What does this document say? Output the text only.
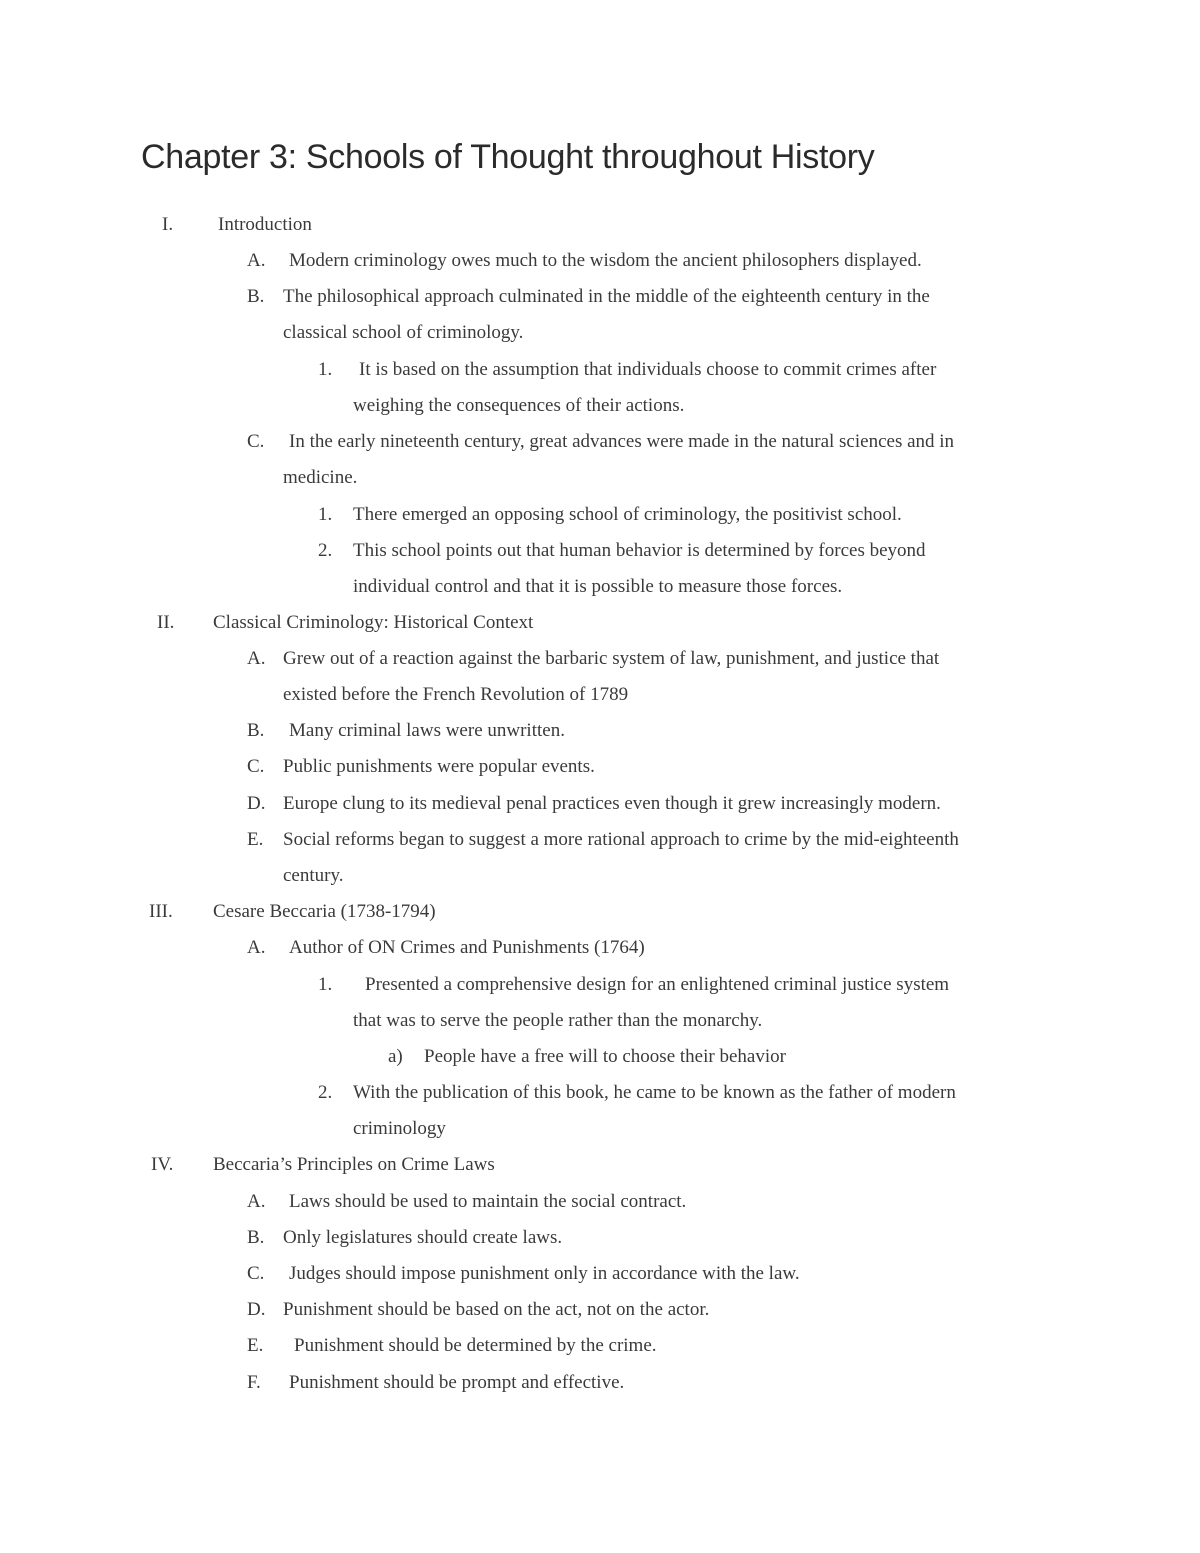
Chapter 3: Schools of Thought throughout History
I. Introduction
A. Modern criminology owes much to the wisdom the ancient philosophers displayed.
B. The philosophical approach culminated in the middle of the eighteenth century in the
classical school of criminology.
1. It is based on the assumption that individuals choose to commit crimes after
weighing the consequences of their actions.
C. In the early nineteenth century, great advances were made in the natural sciences and in
medicine.
1. There emerged an opposing school of criminology, the positivist school.
2. This school points out that human behavior is determined by forces beyond
individual control and that it is possible to measure those forces.
II. Classical Criminology: Historical Context
A. Grew out of a reaction against the barbaric system of law, punishment, and justice that
existed before the French Revolution of 1789
B. Many criminal laws were unwritten.
C. Public punishments were popular events.
D. Europe clung to its medieval penal practices even though it grew increasingly modern.
E. Social reforms began to suggest a more rational approach to crime by the mid-eighteenth
century.
III. Cesare Beccaria (1738-1794)
A. Author of ON Crimes and Punishments (1764)
1. Presented a comprehensive design for an enlightened criminal justice system
that was to serve the people rather than the monarchy.
a) People have a free will to choose their behavior
2. With the publication of this book, he came to be known as the father of modern
criminology
IV. Beccaria’s Principles on Crime Laws
A. Laws should be used to maintain the social contract.
B. Only legislatures should create laws.
C. Judges should impose punishment only in accordance with the law.
D. Punishment should be based on the act, not on the actor.
E. Punishment should be determined by the crime.
F. Punishment should be prompt and effective.
